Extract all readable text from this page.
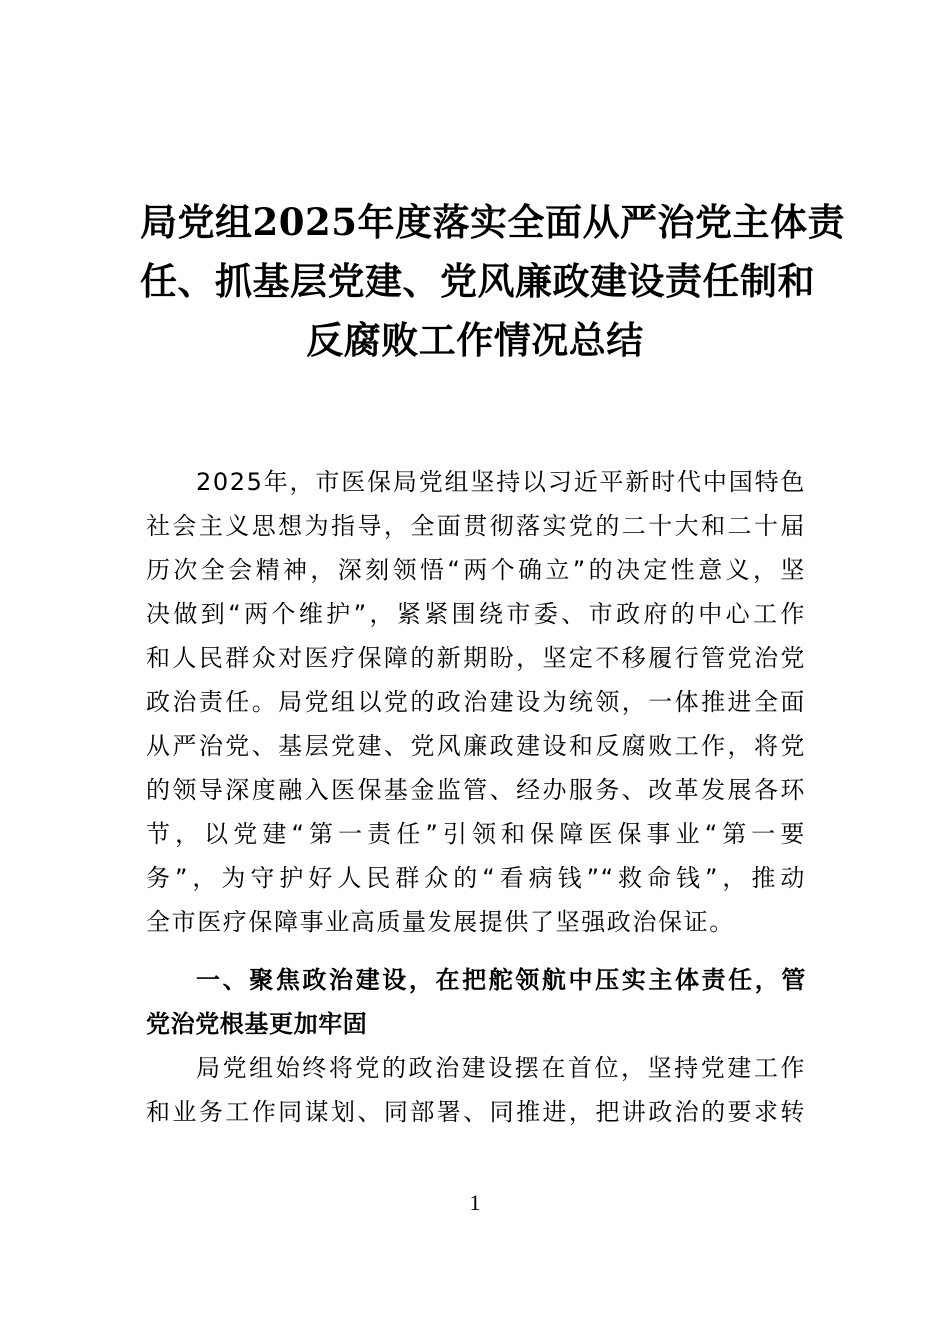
局党组2025年度落实全面从严治党主体责
任、抓基层党建、党风廉政建设责任制和
反腐败工作情况总结
2025年，市医保局党组坚持以习近平新时代中国特色
社会主义思想为指导，全面贯彻落实党的二十大和二十届
历次全会精神，深刻领悟“两个确立”的决定性意义，坚
决做到“两个维护”，紧紧围绕市委、市政府的中心工作
和人民群众对医疗保障的新期盼，坚定不移履行管党治党
政治责任。局党组以党的政治建设为统领，一体推进全面
从严治党、基层党建、党风廉政建设和反腐败工作，将党
的领导深度融入医保基金监管、经办服务、改革发展各环
节，以党建“第一责任”引领和保障医保事业“第一要
务”，为守护好人民群众的“看病钱”“救命钱”，推动
全市医疗保障事业高质量发展提供了坚强政治保证。
一、聚焦政治建设，在把舵领航中压实主体责任，管
党治党根基更加牢固
局党组始终将党的政治建设摆在首位，坚持党建工作
和业务工作同谋划、同部署、同推进，把讲政治的要求转
1
